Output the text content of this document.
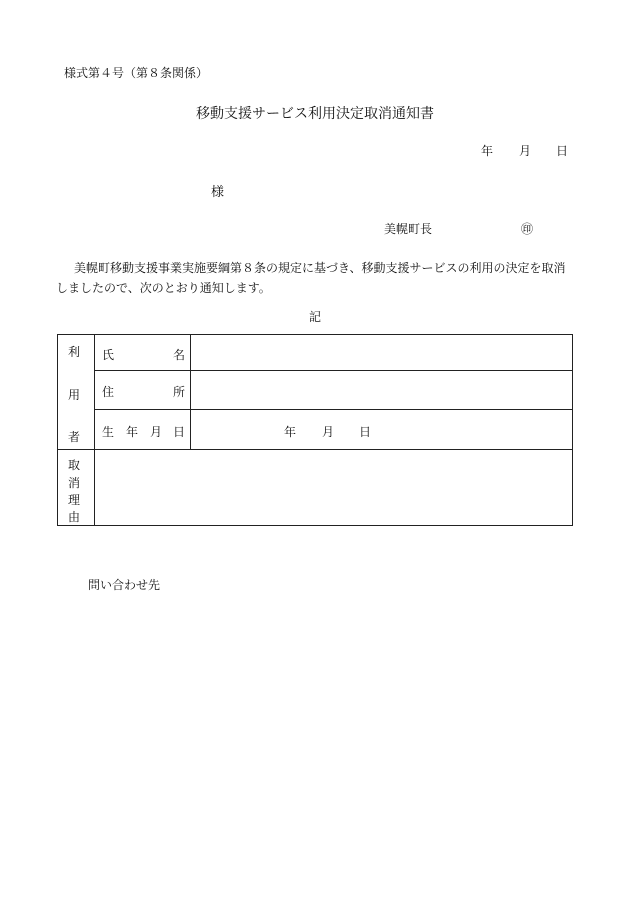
様式第４号（第８条関係）
移動支援サービス利用決定取消通知書
年 月 日
様
美幌町長	㊞
美幌町移動支援事業実施要綱第８条の規定に基づき、移動支援サービスの利用の決定を取消
しましたので、次のとおり通知します。
記
利
用
者
氏	名
住	所
生 年 月 日	年 月 日
取
消
理
由
問い合わせ先
